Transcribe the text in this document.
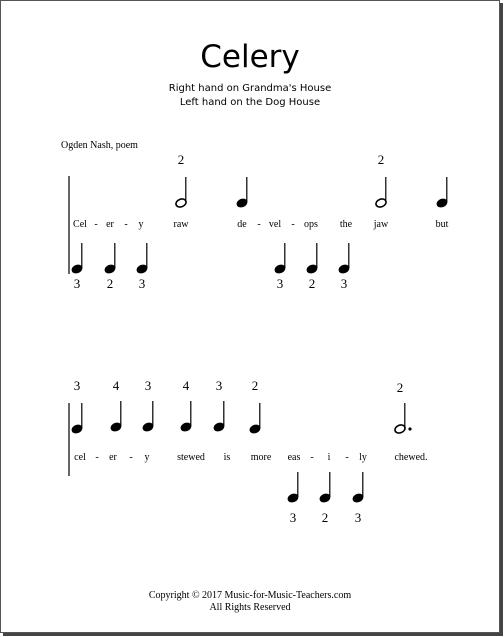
Celery
Right hand on Grandma's House
Left hand on the Dog House
Ogden Nash, poem
2	2
Cel - er - y	raw	de - vel - ops the jaw	but
3 2 3	3 2 3
3	4 3 4 3 2	2
cel - er - y	stewed is more eas - i - ly	chewed.
3 2 3
Copyright © 2017 Music-for-Music-Teachers.com
All Rights Reserved
